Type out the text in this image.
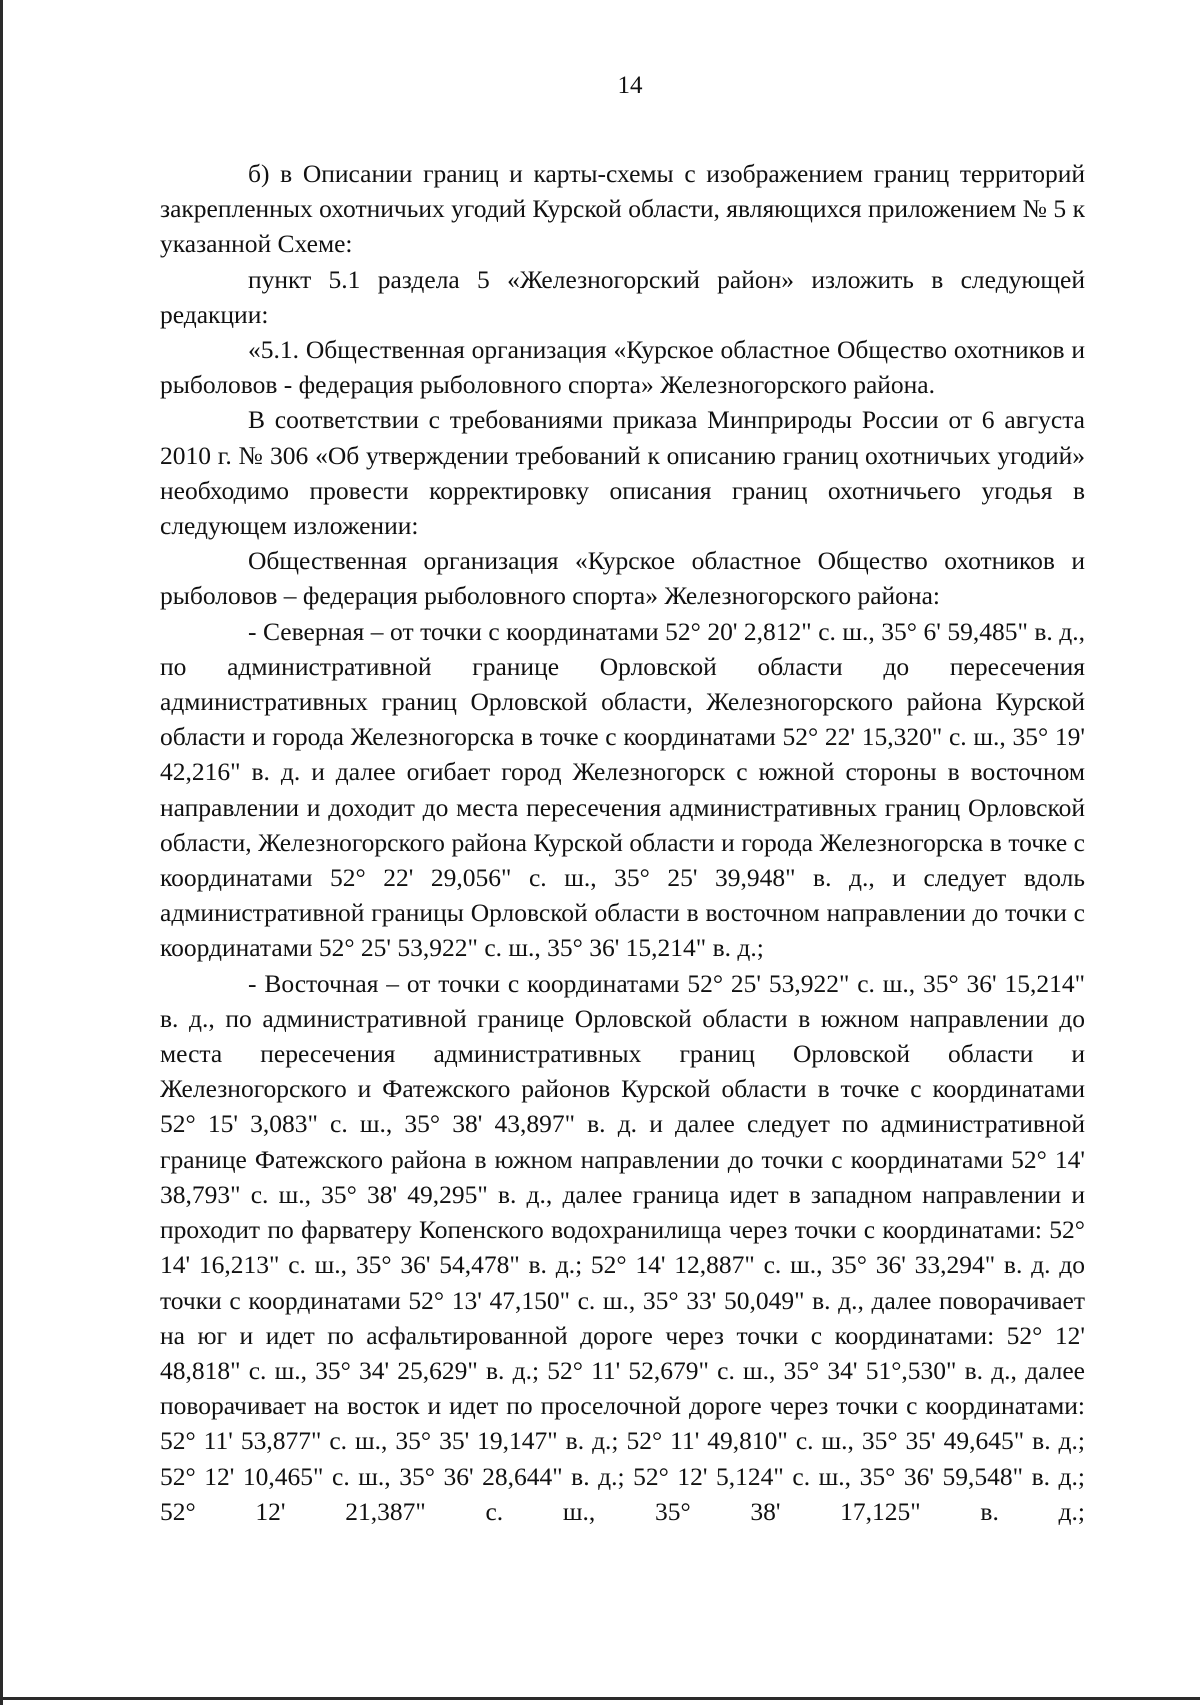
14

б) в Описании границ и карты-схемы с изображением границ территорий закрепленных охотничьих угодий Курской области, являющихся приложением № 5 к указанной Схеме:

пункт 5.1 раздела 5 «Железногорский район» изложить в следующей редакции:

«5.1. Общественная организация «Курское областное Общество охотников и рыболовов - федерация рыболовного спорта» Железногорского района.

В соответствии с требованиями приказа Минприроды России от 6 августа 2010 г. № 306 «Об утверждении требований к описанию границ охотничьих угодий» необходимо провести корректировку описания границ охотничьего угодья в следующем изложении:

Общественная организация «Курское областное Общество охотников и рыболовов – федерация рыболовного спорта» Железногорского района:

- Северная – от точки с координатами 52° 20' 2,812" с. ш., 35° 6' 59,485" в. д., по административной границе Орловской области до пересечения административных границ Орловской области, Железногорского района Курской области и города Железногорска в точке с координатами 52° 22' 15,320" с. ш., 35° 19' 42,216" в. д. и далее огибает город Железногорск с южной стороны в восточном направлении и доходит до места пересечения административных границ Орловской области, Железногорского района Курской области и города Железногорска в точке с координатами 52° 22' 29,056" с. ш., 35° 25' 39,948" в. д., и следует вдоль административной границы Орловской области в восточном направлении до точки с координатами 52° 25' 53,922" с. ш., 35° 36' 15,214" в. д.;

- Восточная – от точки с координатами 52° 25' 53,922" с. ш., 35° 36' 15,214" в. д., по административной границе Орловской области в южном направлении до места пересечения административных границ Орловской области и Железногорского и Фатежского районов Курской области в точке с координатами 52° 15' 3,083" с. ш., 35° 38' 43,897" в. д. и далее следует по административной границе Фатежского района в южном направлении до точки с координатами 52° 14' 38,793" с. ш., 35° 38' 49,295" в. д., далее граница идет в западном направлении и проходит по фарватеру Копенского водохранилища через точки с координатами: 52° 14' 16,213" с. ш., 35° 36' 54,478" в. д.; 52° 14' 12,887" с. ш., 35° 36' 33,294" в. д. до точки с координатами 52° 13' 47,150" с. ш., 35° 33' 50,049" в. д., далее поворачивает на юг и идет по асфальтированной дороге через точки с координатами: 52° 12' 48,818" с. ш., 35° 34' 25,629" в. д.; 52° 11' 52,679" с. ш., 35° 34' 51°,530" в. д., далее поворачивает на восток и идет по проселочной дороге через точки с координатами: 52° 11' 53,877" с. ш., 35° 35' 19,147" в. д.; 52° 11' 49,810" с. ш., 35° 35' 49,645" в. д.; 52° 12' 10,465" с. ш., 35° 36' 28,644" в. д.; 52° 12' 5,124" с. ш., 35° 36' 59,548" в. д.; 52° 12' 21,387" с. ш., 35° 38' 17,125" в. д.;
